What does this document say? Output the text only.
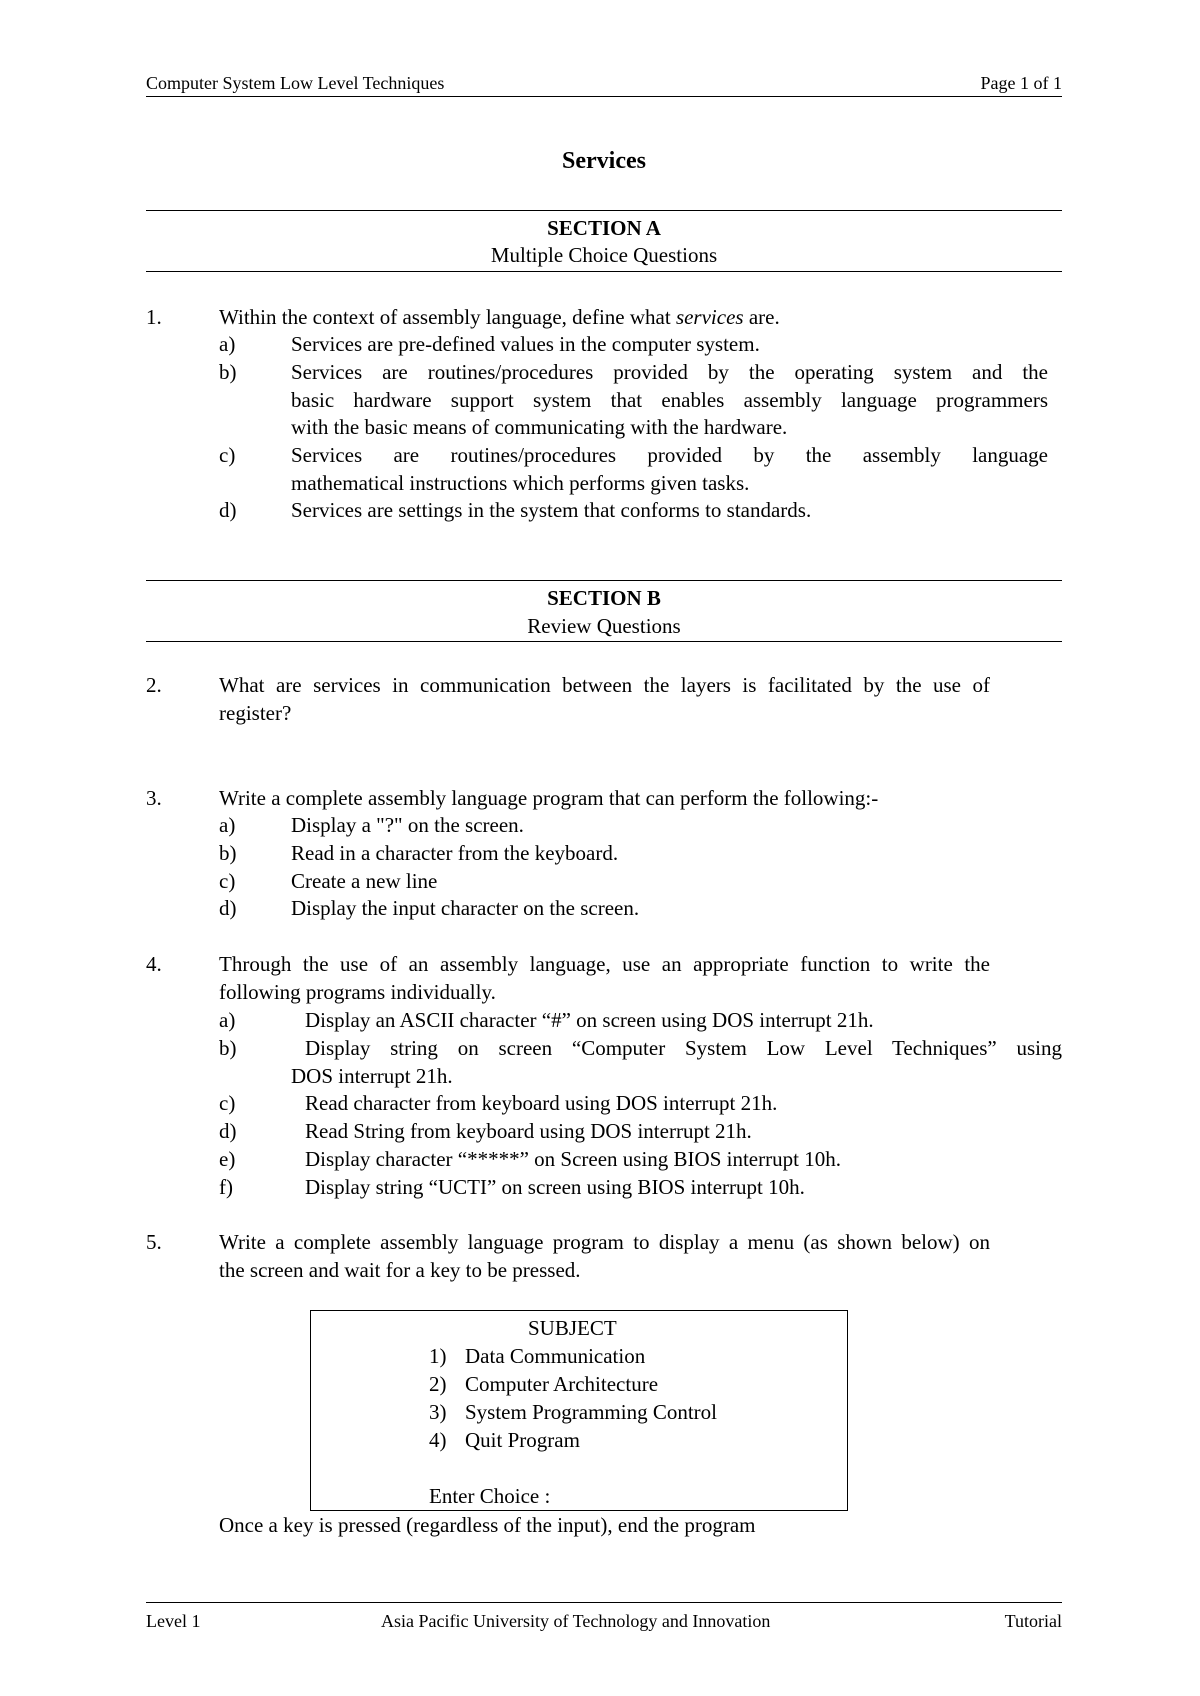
Computer System Low Level Techniques	Page 1 of 1
Services
SECTION A
Multiple Choice Questions
1.	Within the context of assembly language, define what services are.
a)	Services are pre-defined values in the computer system.
b)	Services are routines/procedures provided by the operating system and the
basic hardware support system that enables assembly language programmers
with the basic means of communicating with the hardware.
c)	Services are routines/procedures provided by the assembly language
mathematical instructions which performs given tasks.
d)	Services are settings in the system that conforms to standards.
SECTION B
Review Questions
2.	What are services in communication between the layers is facilitated by the use of
register?
3.	Write a complete assembly language program that can perform the following:-
a)	Display a "?" on the screen.
b)	Read in a character from the keyboard.
c)	Create a new line
d)	Display the input character on the screen.
4.	Through the use of an assembly language, use an appropriate function to write the
following programs individually.
a)	Display an ASCII character “#” on screen using DOS interrupt 21h.
b)	Display string on screen “Computer System Low Level Techniques” using
DOS interrupt 21h.
c)	Read character from keyboard using DOS interrupt 21h.
d)	Read String from keyboard using DOS interrupt 21h.
e)	Display character “*****” on Screen using BIOS interrupt 10h.
f)	Display string “UCTI” on screen using BIOS interrupt 10h.
5.	Write a complete assembly language program to display a menu (as shown below) on
the screen and wait for a key to be pressed.
SUBJECT
1) Data Communication
2) Computer Architecture
3) System Programming Control
4) Quit Program
Enter Choice :
Once a key is pressed (regardless of the input), end the program
Level 1	Asia Pacific University of Technology and Innovation	Tutorial
